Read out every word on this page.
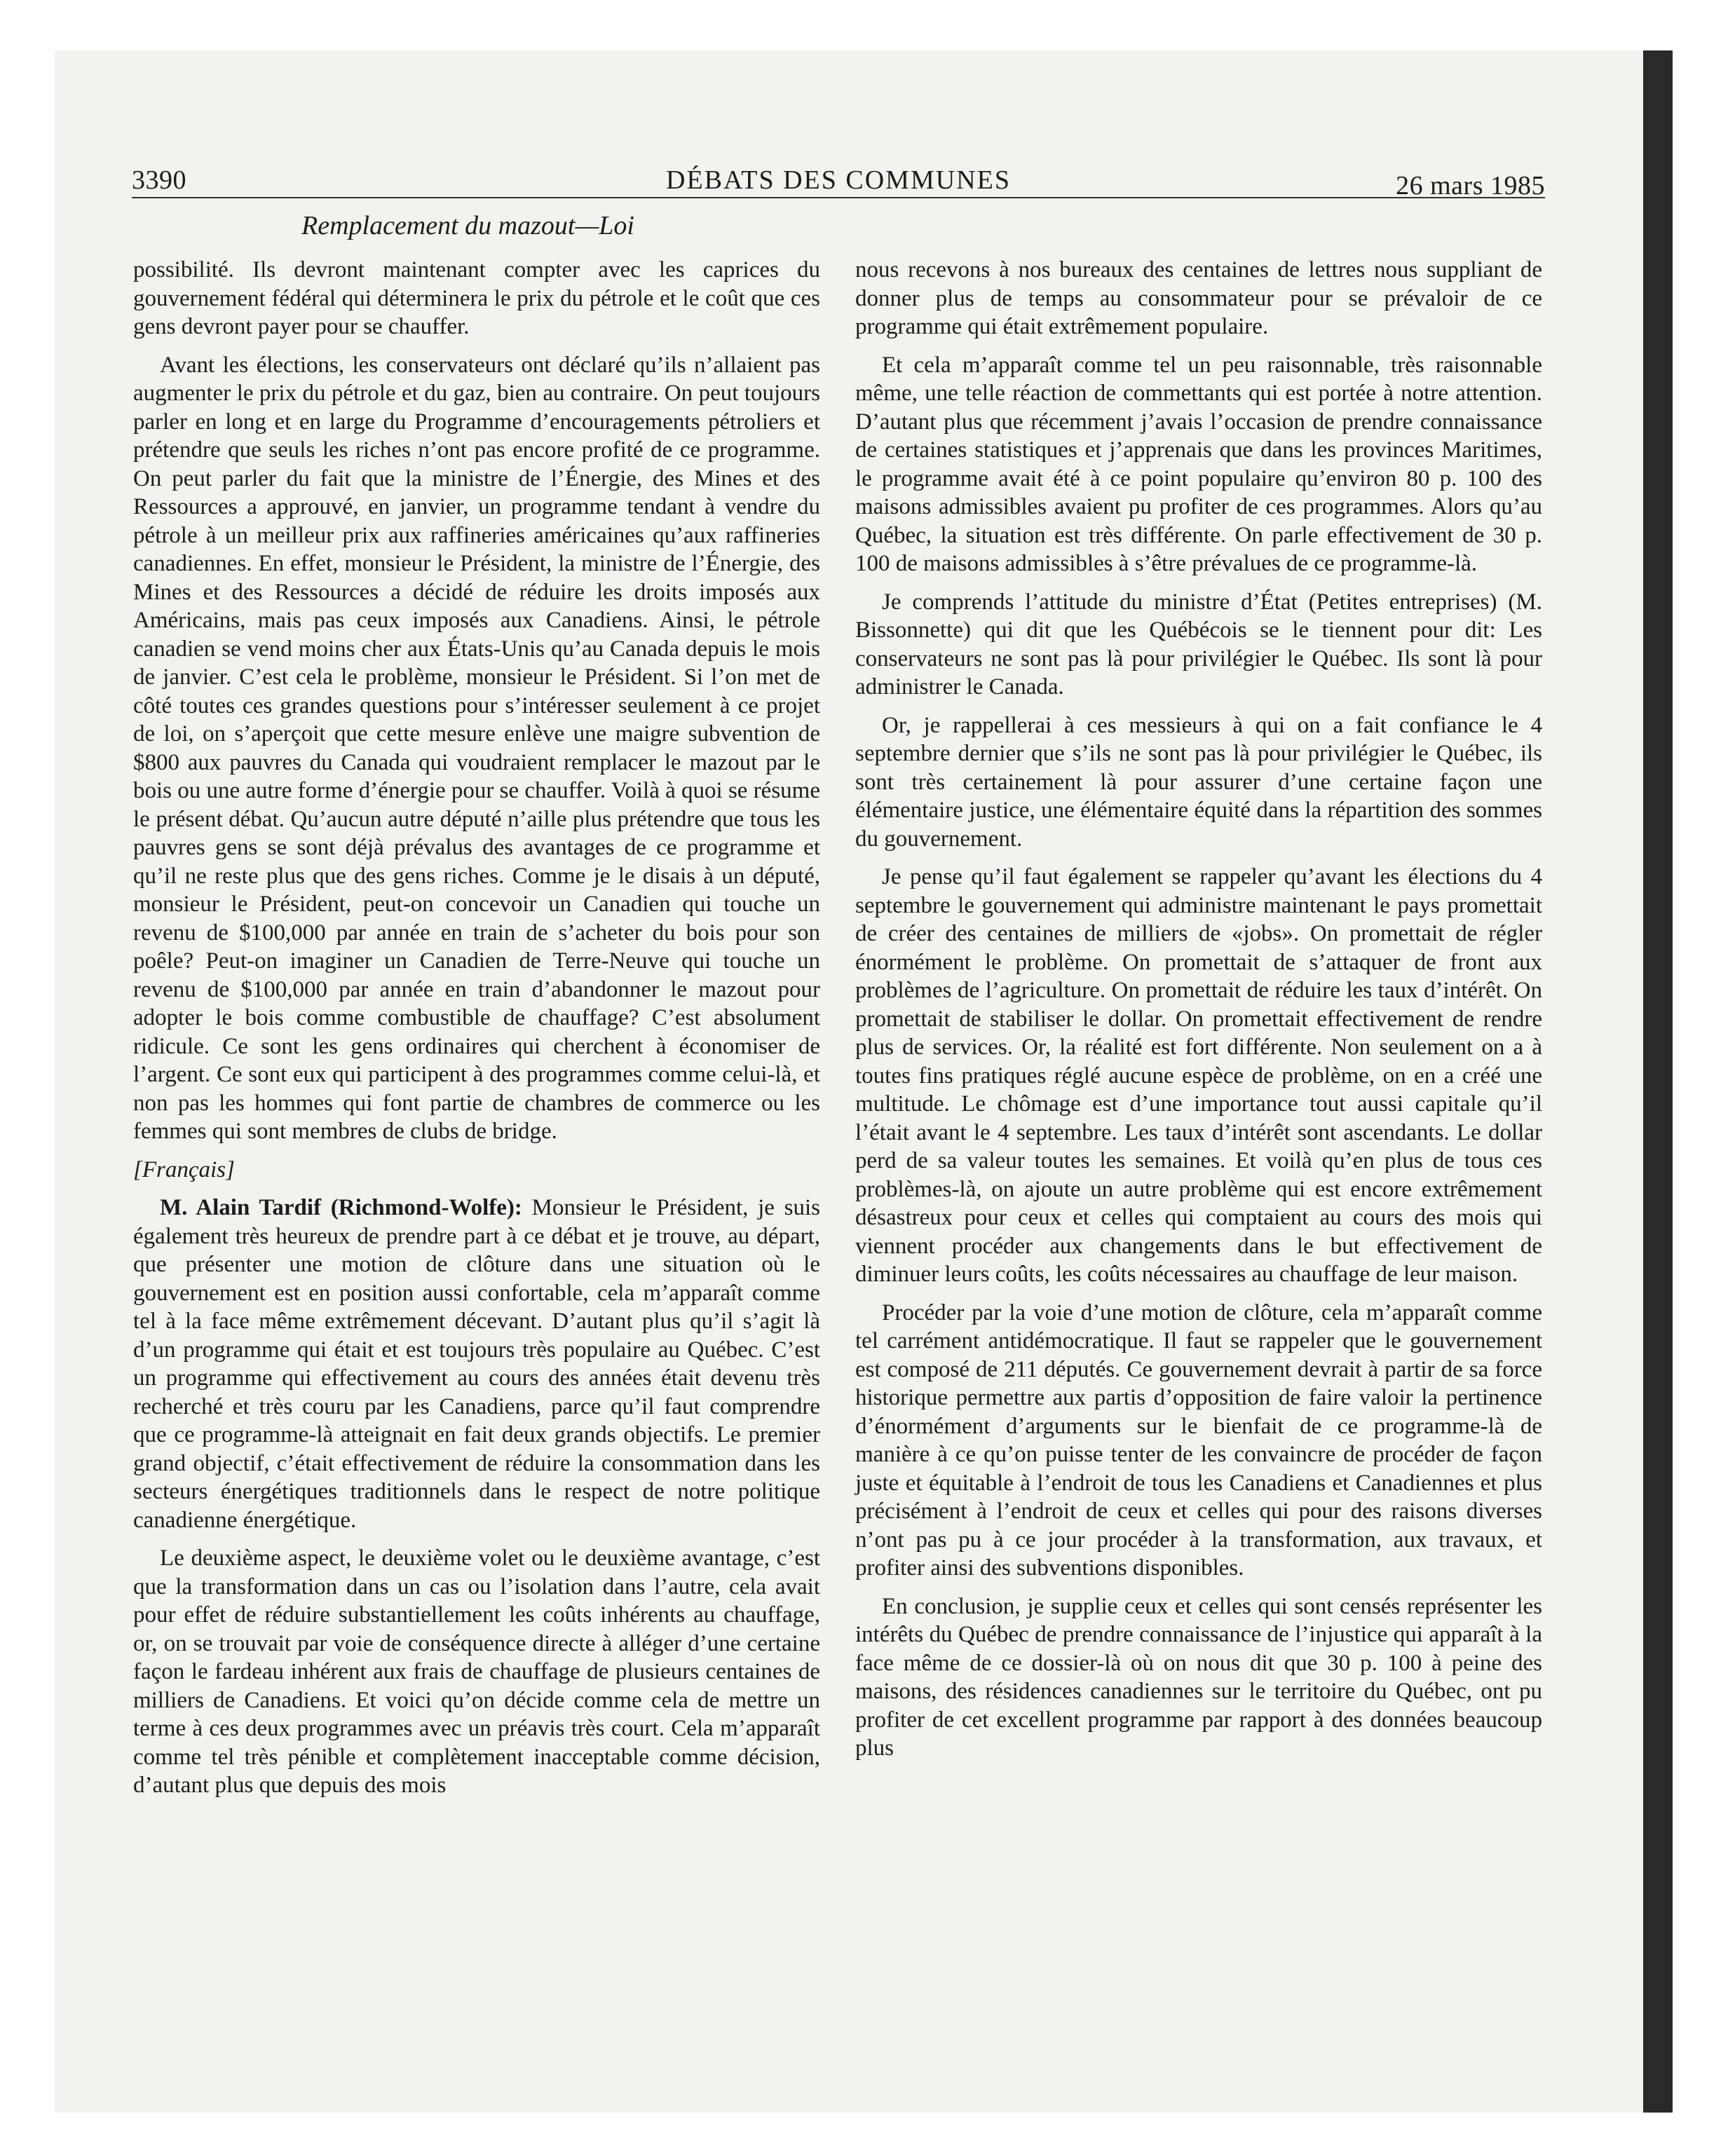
3390	DÉBATS DES COMMUNES	26 mars 1985
Remplacement du mazout—Loi

possibilité. Ils devront maintenant compter avec les caprices du gouvernement fédéral qui déterminera le prix du pétrole et le coût que ces gens devront payer pour se chauffer.

Avant les élections, les conservateurs ont déclaré qu’ils n’allaient pas augmenter le prix du pétrole et du gaz, bien au contraire. On peut toujours parler en long et en large du Programme d’encouragements pétroliers et prétendre que seuls les riches n’ont pas encore profité de ce programme. On peut parler du fait que la ministre de l’Énergie, des Mines et des Ressources a approuvé, en janvier, un programme tendant à vendre du pétrole à un meilleur prix aux raffineries américaines qu’aux raffineries canadiennes. En effet, monsieur le Président, la ministre de l’Énergie, des Mines et des Ressources a décidé de réduire les droits imposés aux Américains, mais pas ceux imposés aux Canadiens. Ainsi, le pétrole canadien se vend moins cher aux États-Unis qu’au Canada depuis le mois de janvier. C’est cela le problème, monsieur le Président. Si l’on met de côté toutes ces grandes questions pour s’intéresser seulement à ce projet de loi, on s’aperçoit que cette mesure enlève une maigre subvention de $800 aux pauvres du Canada qui voudraient remplacer le mazout par le bois ou une autre forme d’énergie pour se chauffer. Voilà à quoi se résume le présent débat. Qu’aucun autre député n’aille plus prétendre que tous les pauvres gens se sont déjà prévalus des avantages de ce programme et qu’il ne reste plus que des gens riches. Comme je le disais à un député, monsieur le Président, peut-on concevoir un Canadien qui touche un revenu de $100,000 par année en train de s’acheter du bois pour son poêle? Peut-on imaginer un Canadien de Terre-Neuve qui touche un revenu de $100,000 par année en train d’abandonner le mazout pour adopter le bois comme combustible de chauffage? C’est absolument ridicule. Ce sont les gens ordinaires qui cherchent à économiser de l’argent. Ce sont eux qui participent à des programmes comme celui-là, et non pas les hommes qui font partie de chambres de commerce ou les femmes qui sont membres de clubs de bridge.

[Français]

M. Alain Tardif (Richmond-Wolfe): Monsieur le Président, je suis également très heureux de prendre part à ce débat et je trouve, au départ, que présenter une motion de clôture dans une situation où le gouvernement est en position aussi confortable, cela m’apparaît comme tel à la face même extrêmement décevant. D’autant plus qu’il s’agit là d’un programme qui était et est toujours très populaire au Québec. C’est un programme qui effectivement au cours des années était devenu très recherché et très couru par les Canadiens, parce qu’il faut comprendre que ce programme-là atteignait en fait deux grands objectifs. Le premier grand objectif, c’était effectivement de réduire la consommation dans les secteurs énergétiques traditionnels dans le respect de notre politique canadienne énergétique.

Le deuxième aspect, le deuxième volet ou le deuxième avantage, c’est que la transformation dans un cas ou l’isolation dans l’autre, cela avait pour effet de réduire substantiellement les coûts inhérents au chauffage, or, on se trouvait par voie de conséquence directe à alléger d’une certaine façon le fardeau inhérent aux frais de chauffage de plusieurs centaines de milliers de Canadiens. Et voici qu’on décide comme cela de mettre un terme à ces deux programmes avec un préavis très court. Cela m’apparaît comme tel très pénible et complètement inacceptable comme décision, d’autant plus que depuis des mois

nous recevons à nos bureaux des centaines de lettres nous suppliant de donner plus de temps au consommateur pour se prévaloir de ce programme qui était extrêmement populaire.

Et cela m’apparaît comme tel un peu raisonnable, très raisonnable même, une telle réaction de commettants qui est portée à notre attention. D’autant plus que récemment j’avais l’occasion de prendre connaissance de certaines statistiques et j’apprenais que dans les provinces Maritimes, le programme avait été à ce point populaire qu’environ 80 p. 100 des maisons admissibles avaient pu profiter de ces programmes. Alors qu’au Québec, la situation est très différente. On parle effectivement de 30 p. 100 de maisons admissibles à s’être prévalues de ce programme-là.

Je comprends l’attitude du ministre d’État (Petites entreprises) (M. Bissonnette) qui dit que les Québécois se le tiennent pour dit: Les conservateurs ne sont pas là pour privilégier le Québec. Ils sont là pour administrer le Canada.

Or, je rappellerai à ces messieurs à qui on a fait confiance le 4 septembre dernier que s’ils ne sont pas là pour privilégier le Québec, ils sont très certainement là pour assurer d’une certaine façon une élémentaire justice, une élémentaire équité dans la répartition des sommes du gouvernement.

Je pense qu’il faut également se rappeler qu’avant les élections du 4 septembre le gouvernement qui administre maintenant le pays promettait de créer des centaines de milliers de «jobs». On promettait de régler énormément le problème. On promettait de s’attaquer de front aux problèmes de l’agriculture. On promettait de réduire les taux d’intérêt. On promettait de stabiliser le dollar. On promettait effectivement de rendre plus de services. Or, la réalité est fort différente. Non seulement on a à toutes fins pratiques réglé aucune espèce de problème, on en a créé une multitude. Le chômage est d’une importance tout aussi capitale qu’il l’était avant le 4 septembre. Les taux d’intérêt sont ascendants. Le dollar perd de sa valeur toutes les semaines. Et voilà qu’en plus de tous ces problèmes-là, on ajoute un autre problème qui est encore extrêmement désastreux pour ceux et celles qui comptaient au cours des mois qui viennent procéder aux changements dans le but effectivement de diminuer leurs coûts, les coûts nécessaires au chauffage de leur maison.

Procéder par la voie d’une motion de clôture, cela m’apparaît comme tel carrément antidémocratique. Il faut se rappeler que le gouvernement est composé de 211 députés. Ce gouvernement devrait à partir de sa force historique permettre aux partis d’opposition de faire valoir la pertinence d’énormément d’arguments sur le bienfait de ce programme-là de manière à ce qu’on puisse tenter de les convaincre de procéder de façon juste et équitable à l’endroit de tous les Canadiens et Canadiennes et plus précisément à l’endroit de ceux et celles qui pour des raisons diverses n’ont pas pu à ce jour procéder à la transformation, aux travaux, et profiter ainsi des subventions disponibles.

En conclusion, je supplie ceux et celles qui sont censés représenter les intérêts du Québec de prendre connaissance de l’injustice qui apparaît à la face même de ce dossier-là où on nous dit que 30 p. 100 à peine des maisons, des résidences canadiennes sur le territoire du Québec, ont pu profiter de cet excellent programme par rapport à des données beaucoup plus
